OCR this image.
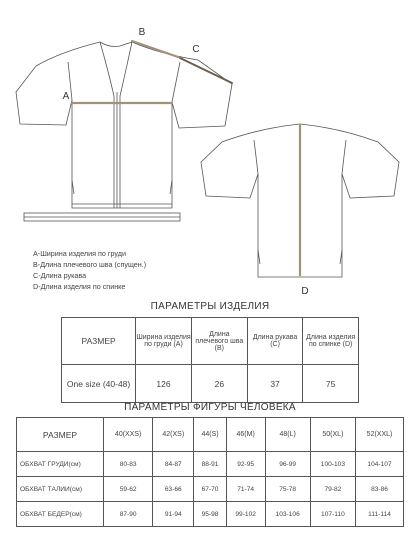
A
B
C
D
A-Ширина изделия по груди
B-Длина плечевого шва (спущен.)
C-Длина рукава
D-Длина изделия по спинке
ПАРАМЕТРЫ ИЗДЕЛИЯ
РАЗМЕР	Ширина изделия по груди (A)	Длина плечевого шва (B)	Длина рукава (C)	Длина изделия по спинке (D)
One size (40-48)	126	26	37	75
ПАРАМЕТРЫ ФИГУРЫ ЧЕЛОВЕКА
РАЗМЕР	40(XXS)	42(XS)	44(S)	46(M)	48(L)	50(XL)	52(XXL)
ОБХВАТ ГРУДИ(см)	80-83	84-87	88-91	92-95	96-99	100-103	104-107
ОБХВАТ ТАЛИИ(см)	59-62	63-66	67-70	71-74	75-78	79-82	83-86
ОБХВАТ БЕДЕР(см)	87-90	91-94	95-98	99-102	103-106	107-110	111-114
